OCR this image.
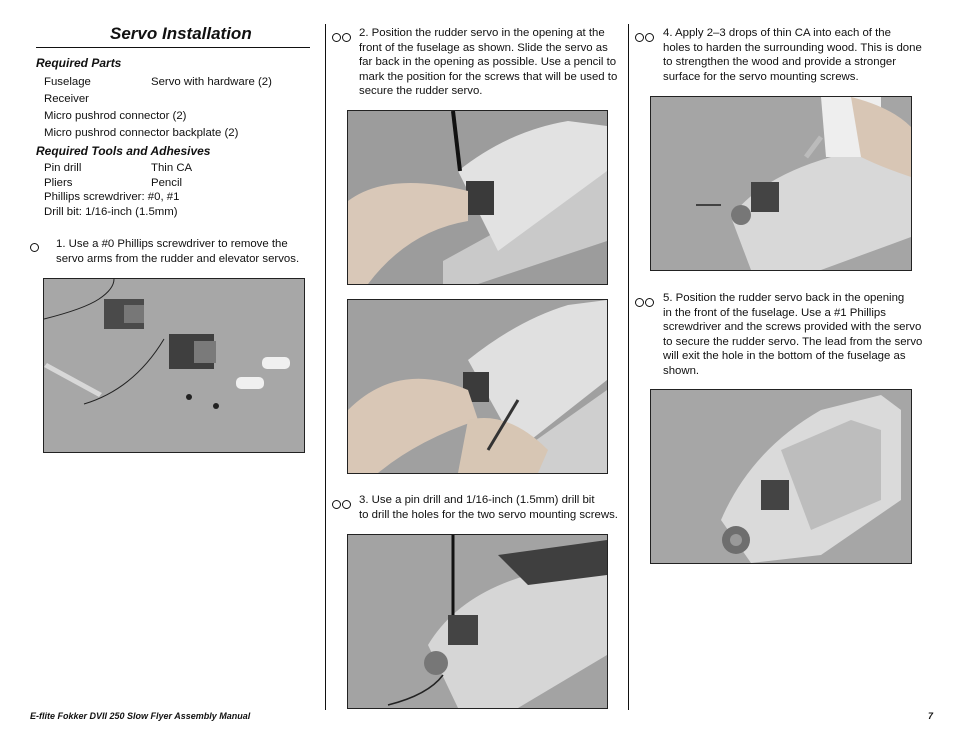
Servo Installation
Required Parts
Fuselage	Servo with hardware (2)
Receiver
Micro pushrod connector (2)
Micro pushrod connector backplate (2)
Required Tools and Adhesives
Pin drill	Thin CA
Pliers	Pencil
Phillips screwdriver: #0, #1
Drill bit: 1/16-inch (1.5mm)
1. Use a #0 Phillips screwdriver to remove the
servo arms from the rudder and elevator servos.
2. Position the rudder servo in the opening at the
front of the fuselage as shown. Slide the servo as
far back in the opening as possible. Use a pencil to
mark the position for the screws that will be used to
secure the rudder servo.
3. Use a pin drill and 1/16-inch (1.5mm) drill bit
to drill the holes for the two servo mounting screws.
4. Apply 2–3 drops of thin CA into each of the
holes to harden the surrounding wood. This is done
to strengthen the wood and provide a stronger
surface for the servo mounting screws.
5. Position the rudder servo back in the opening
in the front of the fuselage. Use a #1 Phillips
screwdriver and the screws provided with the servo
to secure the rudder servo. The lead from the servo
will exit the hole in the bottom of the fuselage as
shown.
E-flite Fokker DVII 250 Slow Flyer Assembly Manual	7
